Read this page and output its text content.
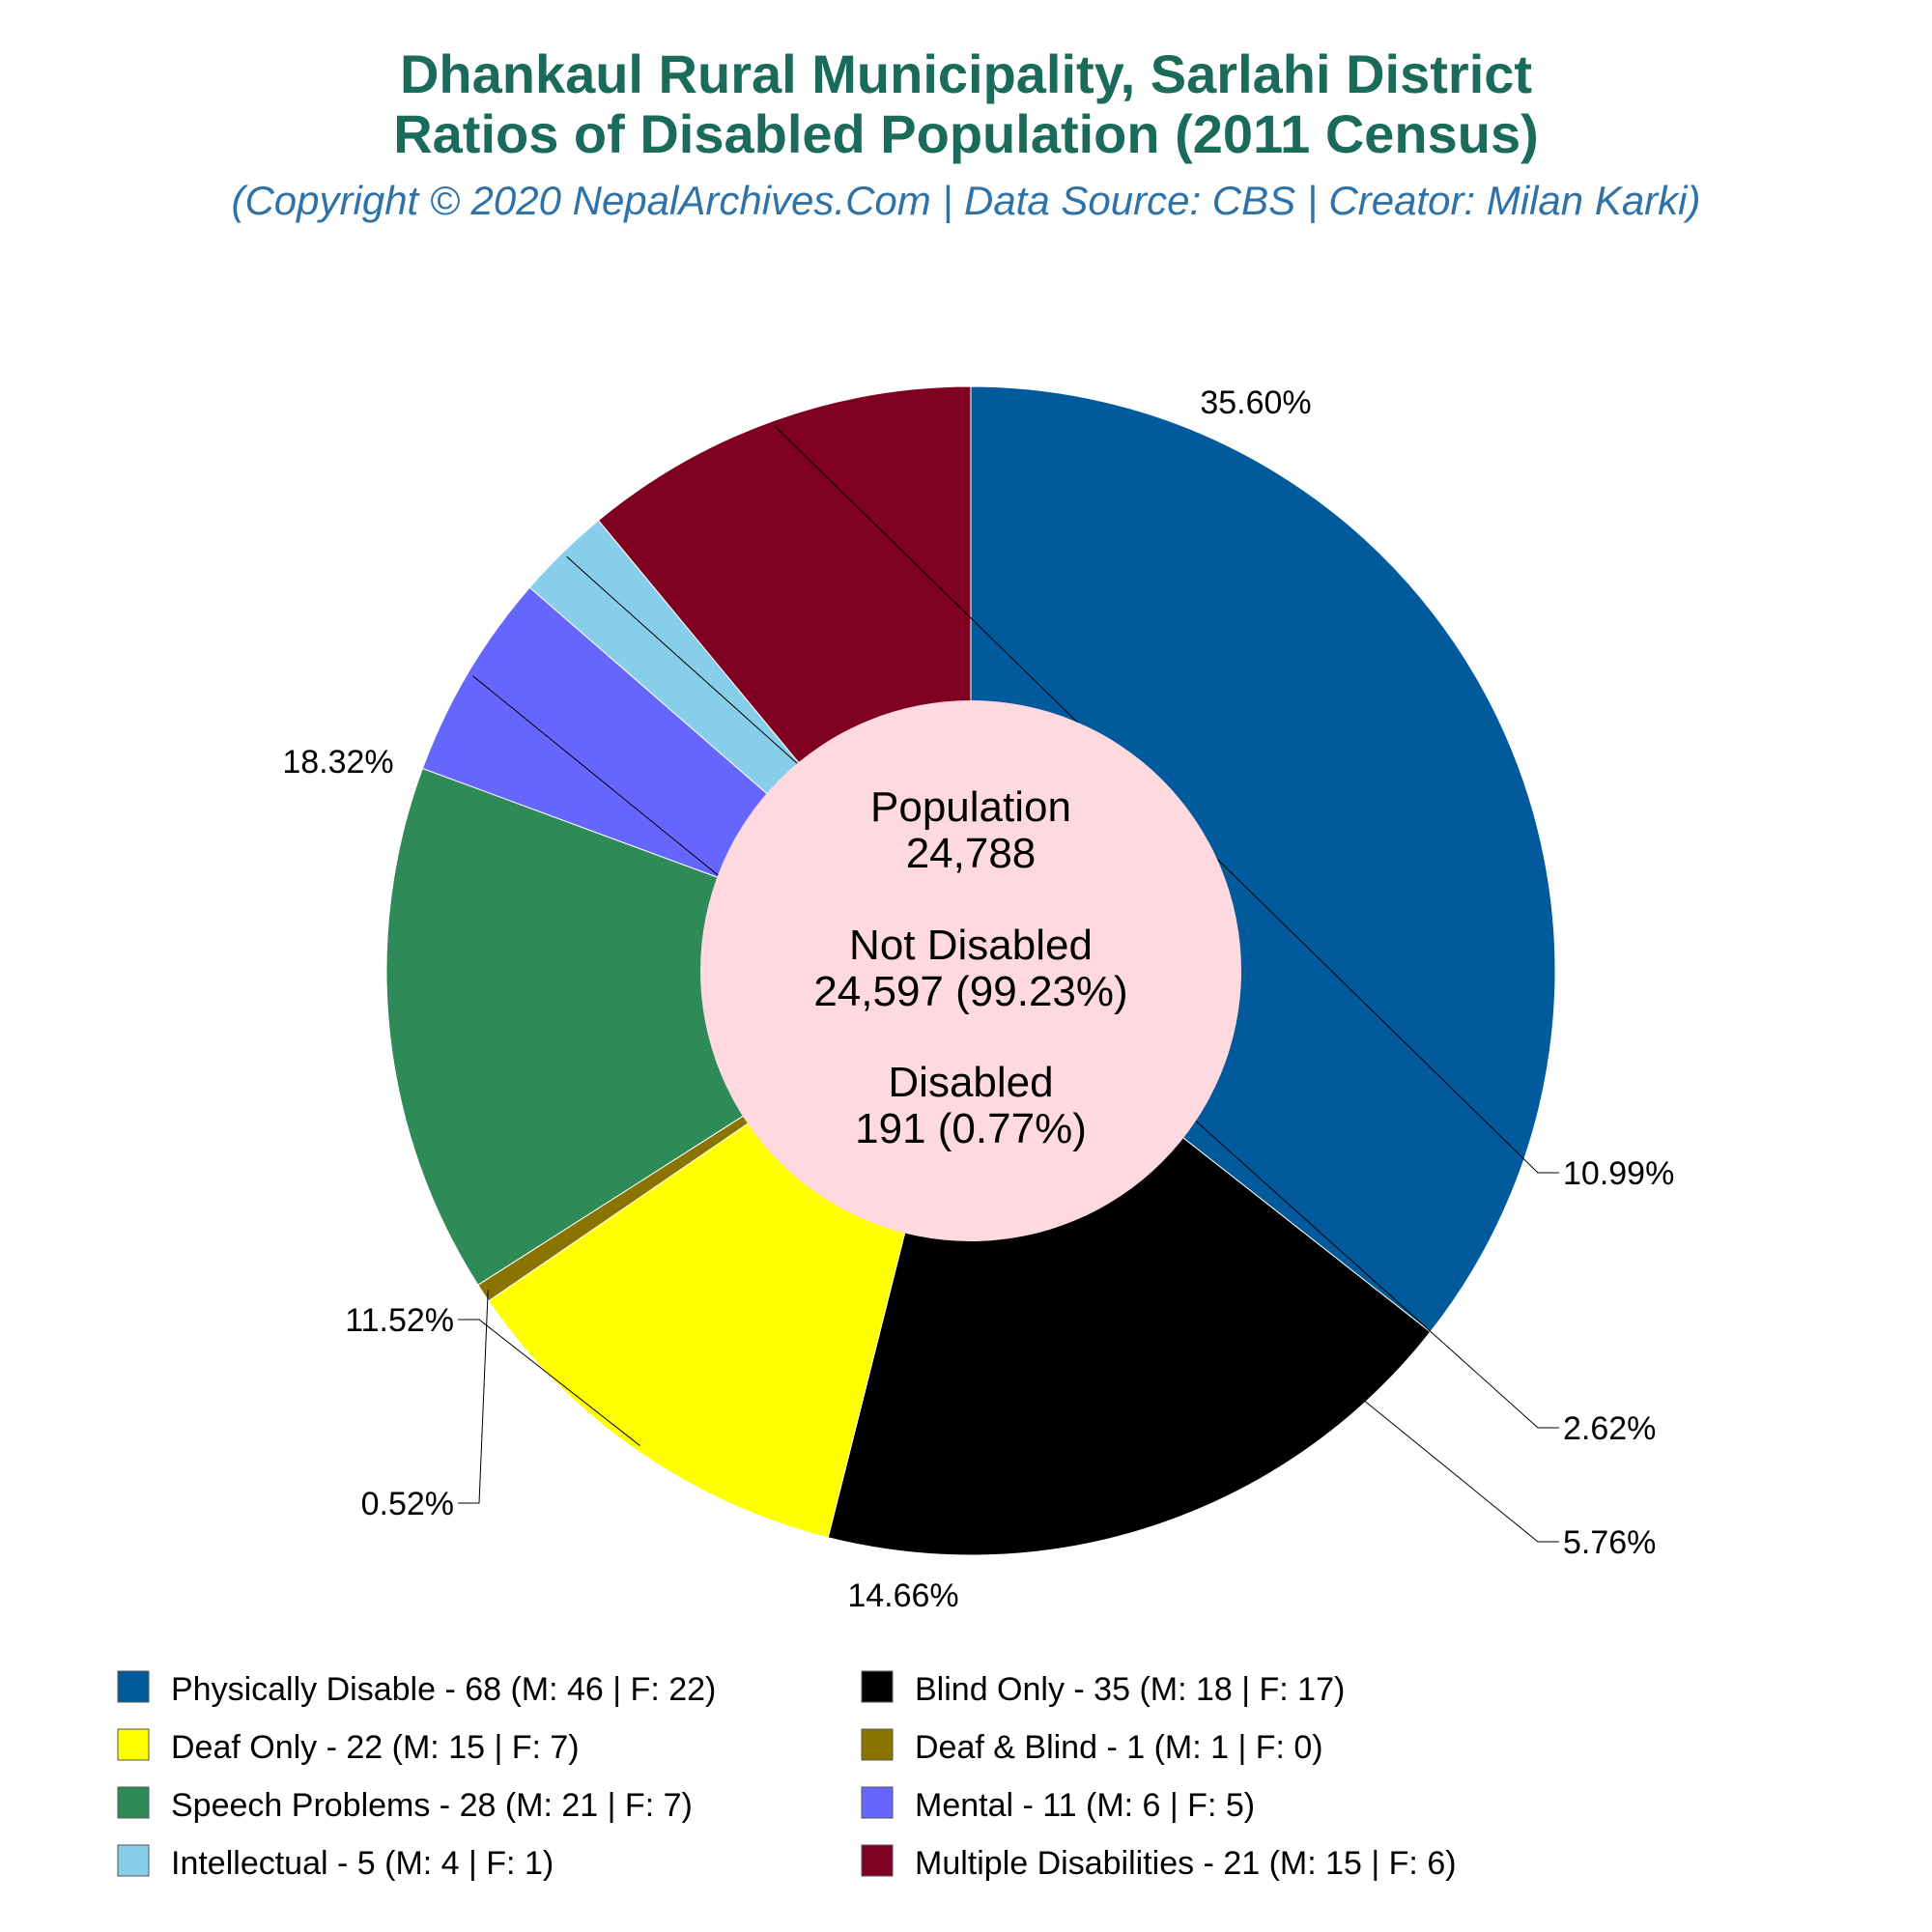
Dhankaul Rural Municipality, Sarlahi District
Ratios of Disabled Population (2011 Census)
(Copyright © 2020 NepalArchives.Com | Data Source: CBS | Creator: Milan Karki)
35.60%
18.32%
11.52%
0.52%
14.66%
5.76%
2.62%
10.99%
Population
24,788
Not Disabled
24,597 (99.23%)
Disabled
191 (0.77%)
Physically Disable - 68 (M: 46 | F: 22)	Blind Only - 35 (M: 18 | F: 17)
Deaf Only - 22 (M: 15 | F: 7)	Deaf & Blind - 1 (M: 1 | F: 0)
Speech Problems - 28 (M: 21 | F: 7)	Mental - 11 (M: 6 | F: 5)
Intellectual - 5 (M: 4 | F: 1)	Multiple Disabilities - 21 (M: 15 | F: 6)
